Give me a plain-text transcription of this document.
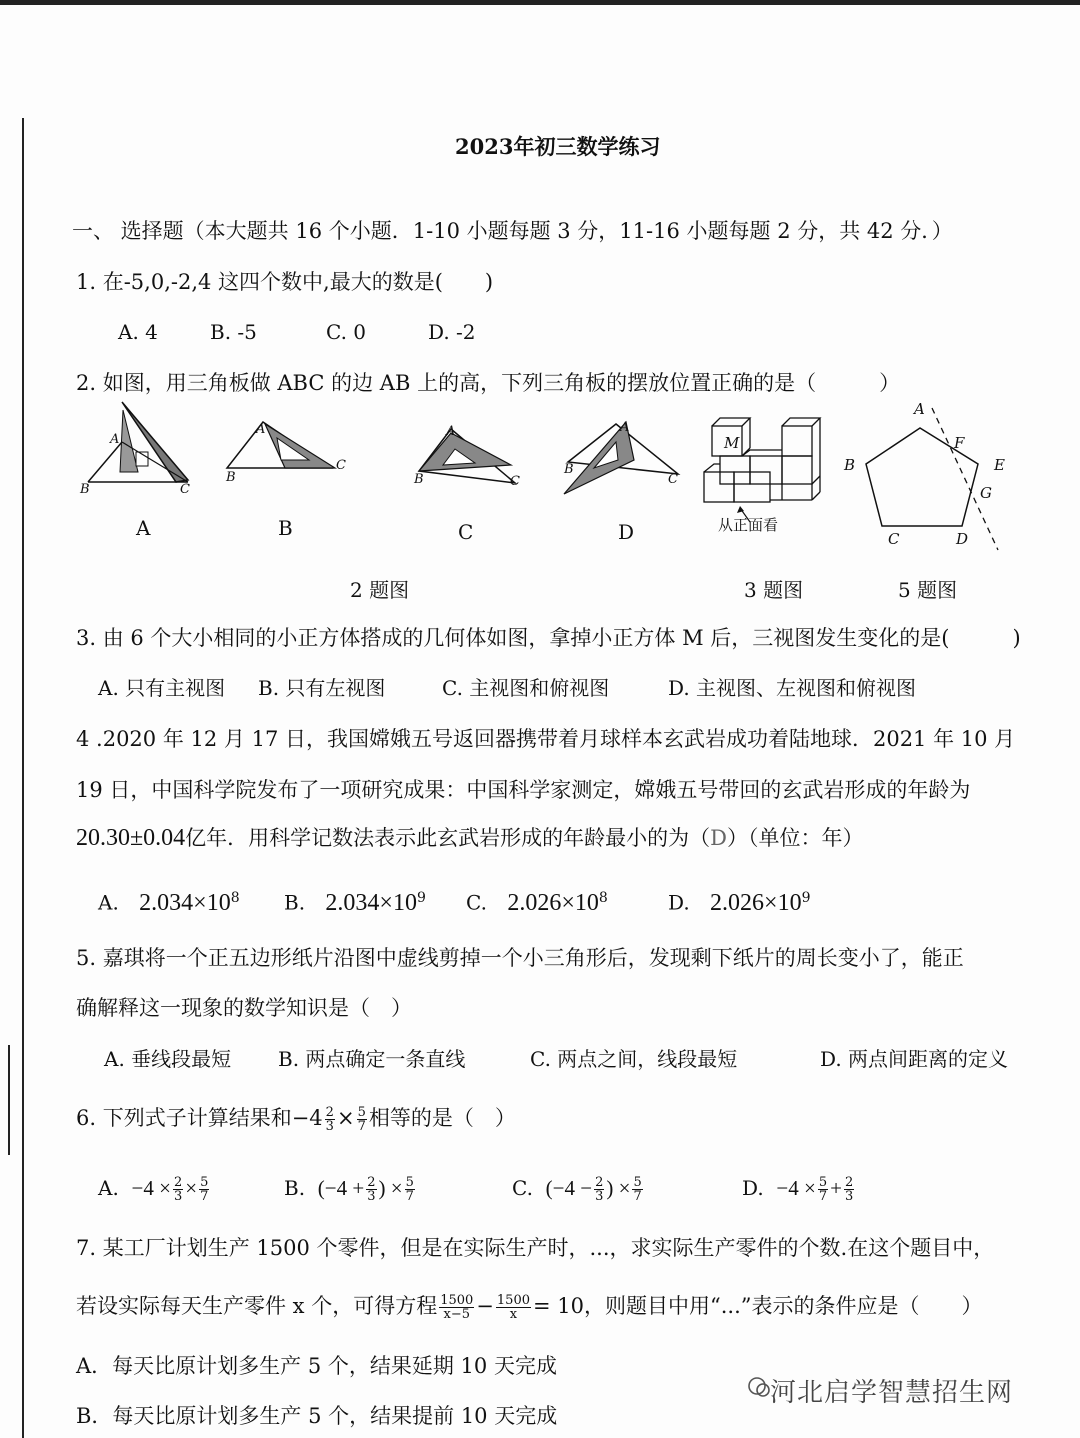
2023年初三数学练习
一、 选择题（本大题共 16 个小题．1-10 小题每题 3 分，11-16 小题每题 2 分，共 42 分．）
1. 在-5,0,-2,4 这四个数中,最大的数是(　　)
A. 4	B. -5	C. 0	D. -2
2. 如图，用三角板做 ABC 的边 AB 上的高，下列三角板的摆放位置正确的是（　　　）
A
B	C
A
B
C
A
B	C
A
B
C
A	B	C	D
M
从正面看
A
F
E
B
G
C	D
2 题图	3 题图	5 题图
3. 由 6 个大小相同的小正方体搭成的几何体如图，拿掉小正方体 M 后，三视图发生变化的是(　　　)
A. 只有主视图 B. 只有左视图	C. 主视图和俯视图	D. 主视图、左视图和俯视图
4 .2020 年 12 月 17 日，我国嫦娥五号返回器携带着月球样本玄武岩成功着陆地球．2021 年 10 月
19 日，中国科学院发布了一项研究成果：中国科学家测定，嫦娥五号带回的玄武岩形成的年龄为
20.30±0.04亿年．用科学记数法表示此玄武岩形成的年龄最小的为（D）（单位：年）
A. $2.034\times 10^8$ B. $2.034\times 10^9$ C. $2.026\times 10^8$	D. $2.026\times 10^9$
5. 嘉琪将一个正五边形纸片沿图中虚线剪掉一个小三角形后，发现剩下纸片的周长变小了，能正
确解释这一现象的数学知识是（　）
A. 垂线段最短 B. 两点确定一条直线	C. 两点之间，线段最短	D. 两点间距离的定义
6. 下列式子计算结果和$-4 \frac{2}{3} \times \frac{5}{7}$ 相等的是（　）
A. $-4 \times \frac{2}{3} \times \frac{5}{7}$	B. ($-4 + \frac{2}{3}$ ) × $\frac{5}{7}$	C. ($-4 - \frac{2}{3}$ ) × $\frac{5}{7}$	D. $-4 \times \frac{5}{7} + \frac{2}{3}$
7. 某工厂计划生产 1500 个零件，但是在实际生产时，...，求实际生产零件的个数.在这个题目中，
若设实际每天生产零件 x 个，可得方程 $\frac{1500}{x-5} - \frac{1500}{x} = 10$，则题目中用“...”表示的条件应是（　　）
A．每天比原计划多生产 5 个，结果延期 10 天完成
B．每天比原计划多生产 5 个，结果提前 10 天完成
河北启学智慧招生网
